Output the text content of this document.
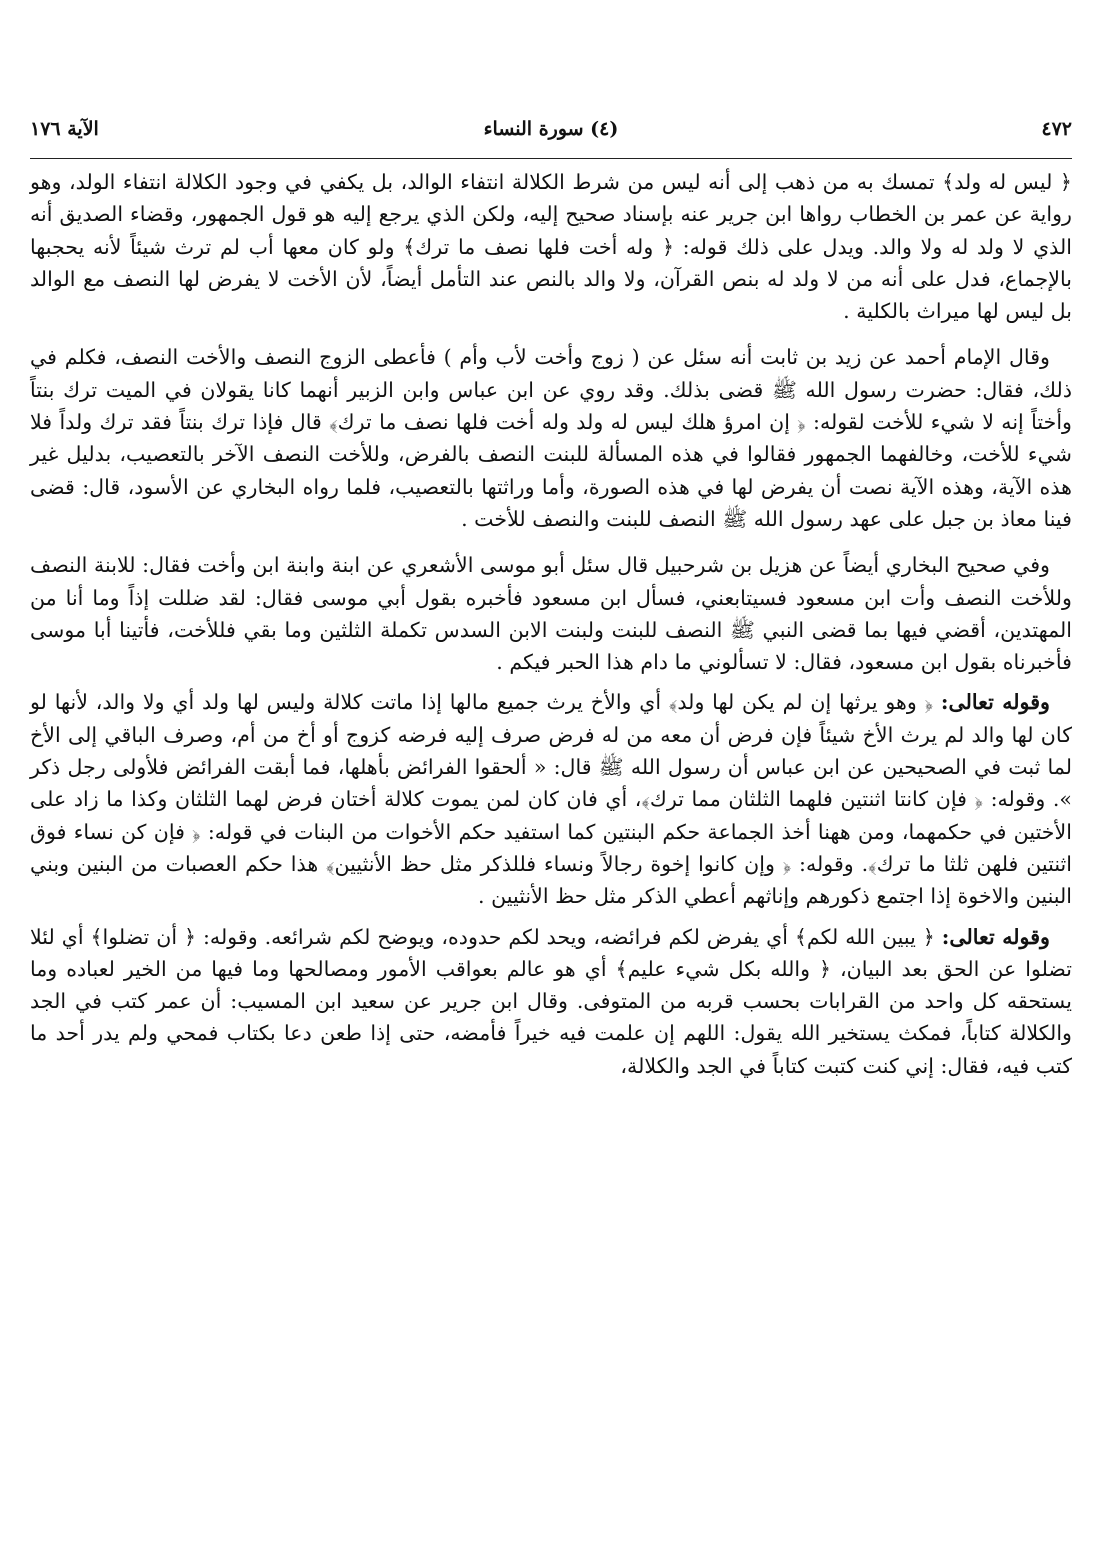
٤٧٢
(٤) سورة النساء
الآية ١٧٦

﴿ ليس له ولد﴾ تمسك به من ذهب إلى أنه ليس من شرط الكلالة انتفاء الوالد، بل يكفي في وجود الكلالة انتفاء الولد، وهو رواية عن عمر بن الخطاب رواها ابن جرير عنه بإسناد صحيح إليه، ولكن الذي يرجع إليه هو قول الجمهور، وقضاء الصديق أنه الذي لا ولد له ولا والد. ويدل على ذلك قوله: ﴿ وله أخت فلها نصف ما ترك﴾ ولو كان معها أب لم ترث شيئاً لأنه يحجبها بالإجماع، فدل على أنه من لا ولد له بنص القرآن، ولا والد بالنص عند التأمل أيضاً، لأن الأخت لا يفرض لها النصف مع الوالد بل ليس لها ميراث بالكلية .

وقال الإمام أحمد عن زيد بن ثابت أنه سئل عن ( زوج وأخت لأب وأم ) فأعطى الزوج النصف والأخت النصف، فكلم في ذلك، فقال: حضرت رسول الله ﷺ قضى بذلك. وقد روي عن ابن عباس وابن الزبير أنهما كانا يقولان في الميت ترك بنتاً وأختاً إنه لا شيء للأخت لقوله: ﴿ إن امرؤ هلك ليس له ولد وله أخت فلها نصف ما ترك﴾ قال فإذا ترك بنتاً فقد ترك ولداً فلا شيء للأخت، وخالفهما الجمهور فقالوا في هذه المسألة للبنت النصف بالفرض، وللأخت النصف الآخر بالتعصيب، بدليل غير هذه الآية، وهذه الآية نصت أن يفرض لها في هذه الصورة، وأما وراثتها بالتعصيب، فلما رواه البخاري عن الأسود، قال: قضى فينا معاذ بن جبل على عهد رسول الله ﷺ النصف للبنت والنصف للأخت .

وفي صحيح البخاري أيضاً عن هزيل بن شرحبيل قال سئل أبو موسى الأشعري عن ابنة وابنة ابن وأخت فقال: للابنة النصف وللأخت النصف وأت ابن مسعود فسيتابعني، فسأل ابن مسعود فأخبره بقول أبي موسى فقال: لقد ضللت إذاً وما أنا من المهتدين، أقضي فيها بما قضى النبي ﷺ النصف للبنت ولبنت الابن السدس تكملة الثلثين وما بقي فللأخت، فأتينا أبا موسى فأخبرناه بقول ابن مسعود، فقال: لا تسألوني ما دام هذا الحبر فيكم .

وقوله تعالى: ﴿ وهو يرثها إن لم يكن لها ولد﴾ أي والأخ يرث جميع مالها إذا ماتت كلالة وليس لها ولد أي ولا والد، لأنها لو كان لها والد لم يرث الأخ شيئاً فإن فرض أن معه من له فرض صرف إليه فرضه كزوج أو أخ من أم، وصرف الباقي إلى الأخ لما ثبت في الصحيحين عن ابن عباس أن رسول الله ﷺ قال: « ألحقوا الفرائض بأهلها، فما أبقت الفرائض فلأولى رجل ذكر ». وقوله: ﴿ فإن كانتا اثنتين فلهما الثلثان مما ترك﴾، أي فان كان لمن يموت كلالة أختان فرض لهما الثلثان وكذا ما زاد على الأختين في حكمهما، ومن ههنا أخذ الجماعة حكم البنتين كما استفيد حكم الأخوات من البنات في قوله: ﴿ فإن كن نساء فوق اثنتين فلهن ثلثا ما ترك﴾. وقوله: ﴿ وإن كانوا إخوة رجالاً ونساء فللذكر مثل حظ الأنثيين﴾ هذا حكم العصبات من البنين وبني البنين والاخوة إذا اجتمع ذكورهم وإناثهم أعطي الذكر مثل حظ الأنثيين .

وقوله تعالى: ﴿ يبين الله لكم﴾ أي يفرض لكم فرائضه، ويحد لكم حدوده، ويوضح لكم شرائعه. وقوله: ﴿ أن تضلوا﴾ أي لئلا تضلوا عن الحق بعد البيان، ﴿ والله بكل شيء عليم﴾ أي هو عالم بعواقب الأمور ومصالحها وما فيها من الخير لعباده وما يستحقه كل واحد من القرابات بحسب قربه من المتوفى. وقال ابن جرير عن سعيد ابن المسيب: أن عمر كتب في الجد والكلالة كتاباً، فمكث يستخير الله يقول: اللهم إن علمت فيه خيراً فأمضه، حتى إذا طعن دعا بكتاب فمحي ولم يدر أحد ما كتب فيه، فقال: إني كنت كتبت كتاباً في الجد والكلالة،
